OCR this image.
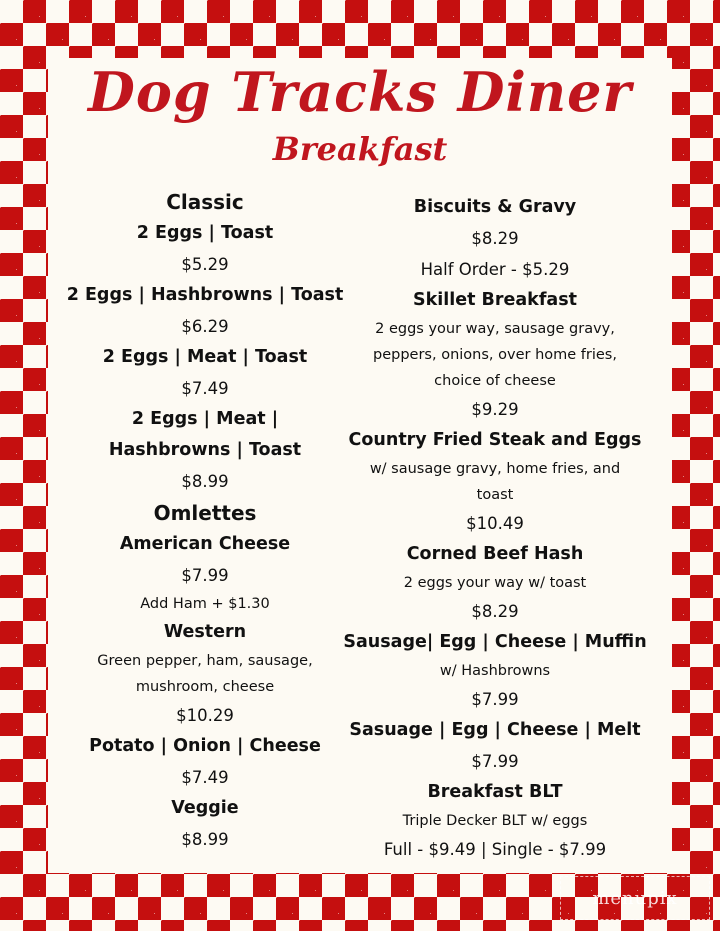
Dog Tracks Diner
Breakfast
Classic
2 Eggs | Toast
$5.29
2 Eggs | Hashbrowns | Toast
$6.29
2 Eggs | Meat | Toast
$7.49
2 Eggs | Meat |
Hashbrowns | Toast
$8.99
Omlettes
American Cheese
$7.99
Add Ham + $1.30
Western
Green pepper, ham, sausage,
mushroom, cheese
$10.29
Potato | Onion | Cheese
$7.49
Veggie
$8.99
Biscuits & Gravy
$8.29
Half Order - $5.29
Skillet Breakfast
2 eggs your way, sausage gravy,
peppers, onions, over home fries,
choice of cheese
$9.29
Country Fried Steak and Eggs
w/ sausage gravy, home fries, and
toast
$10.49
Corned Beef Hash
2 eggs your way w/ toast
$8.29
Sausage| Egg | Cheese | Muffin
w/ Hashbrowns
$7.99
Sasuage | Egg | Cheese | Melt
$7.99
Breakfast BLT
Triple Decker BLT w/ eggs
Full - $9.49 | Single - $7.99
menupix
